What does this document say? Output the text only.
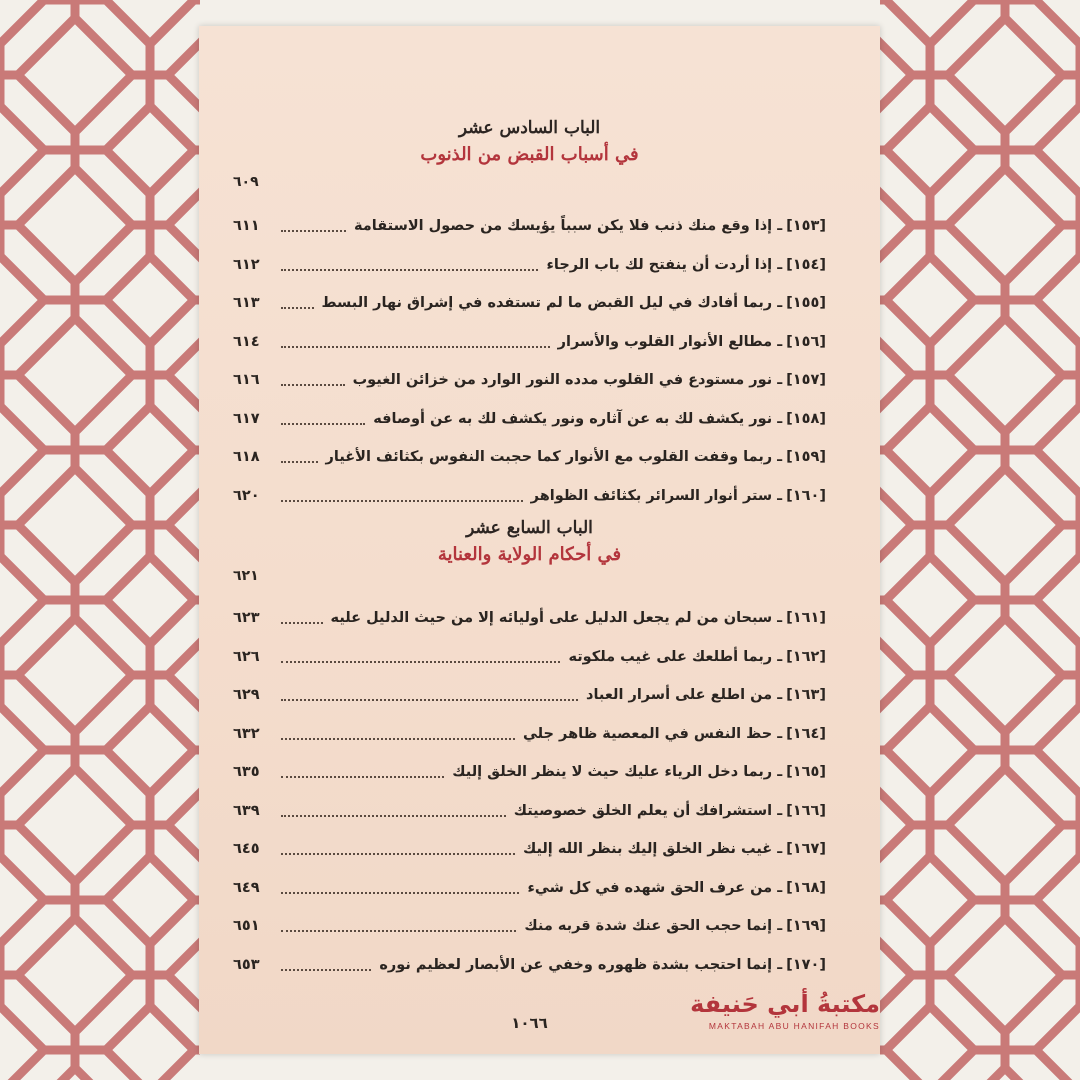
الباب السادس عشر
في أسباب القبض من الذنوب
٦٠٩
[١٥٣]
ـ إذا وقع منك ذنب فلا يكن سبباً يؤيسك من حصول الاستقامة
٦١١
[١٥٤]
ـ إذا أردت أن ينفتح لك باب الرجاء
٦١٢
[١٥٥]
ـ ربما أفادك في ليل القبض ما لم تستفده في إشراق نهار البسط
٦١٣
[١٥٦]
ـ مطالع الأنوار القلوب والأسرار
٦١٤
[١٥٧]
ـ نور مستودع في القلوب مدده النور الوارد من خزائن الغيوب
٦١٦
[١٥٨]
ـ نور يكشف لك به عن آثاره ونور يكشف لك به عن أوصافه
٦١٧
[١٥٩]
ـ ربما وقفت القلوب مع الأنوار كما حجبت النفوس بكثائف الأغيار
٦١٨
[١٦٠]
ـ ستر أنوار السرائر بكثائف الظواهر
٦٢٠
الباب السابع عشر
في أحكام الولاية والعناية
٦٢١
[١٦١]
ـ سبحان من لم يجعل الدليل على أوليائه إلا من حيث الدليل عليه
٦٢٣
[١٦٢]
ـ ربما أطلعك على غيب ملكوته
٦٢٦
[١٦٣]
ـ من اطلع على أسرار العباد
٦٢٩
[١٦٤]
ـ حظ النفس في المعصية ظاهر جلي
٦٣٢
[١٦٥]
ـ ربما دخل الرياء عليك حيث لا ينظر الخلق إليك
٦٣٥
[١٦٦]
ـ استشرافك أن يعلم الخلق خصوصيتك
٦٣٩
[١٦٧]
ـ غيب نظر الخلق إليك بنظر الله إليك
٦٤٥
[١٦٨]
ـ من عرف الحق شهده في كل شيء
٦٤٩
[١٦٩]
ـ إنما حجب الحق عنك شدة قربه منك
٦٥١
[١٧٠]
ـ إنما احتجب بشدة ظهوره وخفي عن الأبصار لعظيم نوره
٦٥٣
١٠٦٦
مكتبةُ أبي حَنيفة
MAKTABAH ABU HANIFAH BOOKS
